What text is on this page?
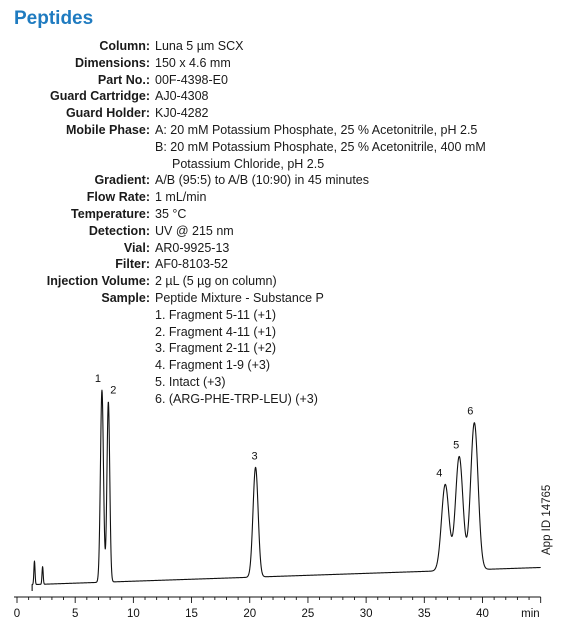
Peptides
Column: Luna 5 µm SCX
Dimensions: 150 x 4.6 mm
Part No.: 00F-4398-E0
Guard Cartridge: AJ0-4308
Guard Holder: KJ0-4282
Mobile Phase: A: 20 mM Potassium Phosphate, 25 % Acetonitrile, pH 2.5
B: 20 mM Potassium Phosphate, 25 % Acetonitrile, 400 mM
Potassium Chloride, pH 2.5
Gradient: A/B (95:5) to A/B (10:90) in 45 minutes
Flow Rate: 1 mL/min
Temperature: 35 °C
Detection: UV @ 215 nm
Vial: AR0-9925-13
Filter: AF0-8103-52
Injection Volume: 2 µL (5 µg on column)
Sample: Peptide Mixture - Substance P
1. Fragment 5-11 (+1)
2. Fragment 4-11 (+1)
3. Fragment 2-11 (+2)
4. Fragment 1-9 (+3)
5. Intact (+3)
6. (ARG-PHE-TRP-LEU) (+3)
0	5	10	15	20	25	30	35	40	min
1
2
3
4
5
6
App ID 14765
